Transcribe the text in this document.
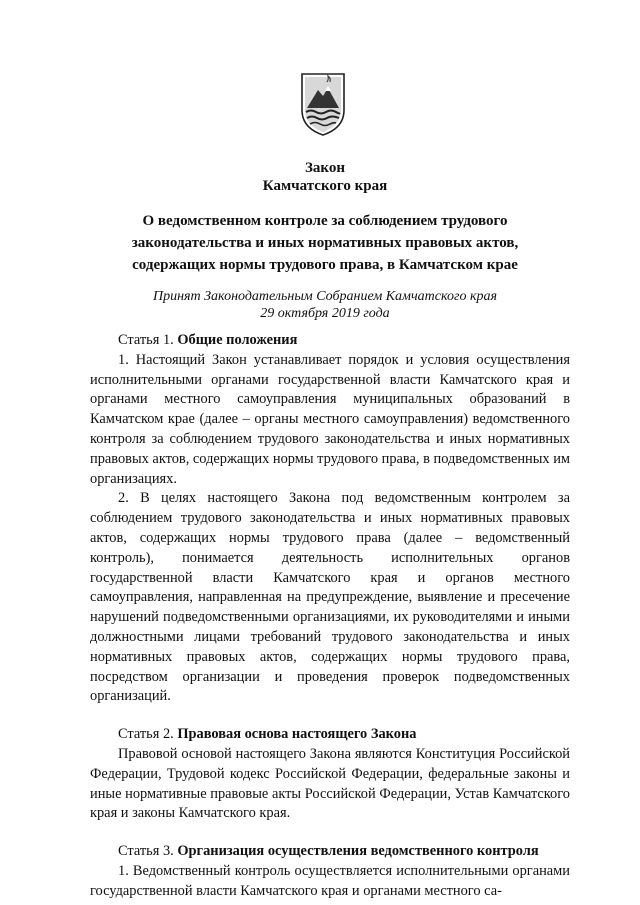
Закон
Камчатского края
О ведомственном контроле за соблюдением трудового законодательства и иных нормативных правовых актов, содержащих нормы трудового права, в Камчатском крае
Принят Законодательным Собранием Камчатского края
29 октября 2019 года

Статья 1. Общие положения

1. Настоящий Закон устанавливает порядок и условия осуществления исполнительными органами государственной власти Камчатского края и органами местного самоуправления муниципальных образований в Камчатском крае (далее – органы местного самоуправления) ведомственного контроля за соблюдением трудового законодательства и иных нормативных правовых актов, содержащих нормы трудового права, в подведомственных им организациях.

2. В целях настоящего Закона под ведомственным контролем за соблюдением трудового законодательства и иных нормативных правовых актов, содержащих нормы трудового права (далее – ведомственный контроль), понимается деятельность исполнительных органов государственной власти Камчатского края и органов местного самоуправления, направленная на предупреждение, выявление и пресечение нарушений подведомственными организациями, их руководителями и иными должностными лицами требований трудового законодательства и иных нормативных правовых актов, содержащих нормы трудового права, посредством организации и проведения проверок подведомственных организаций.

Статья 2. Правовая основа настоящего Закона

Правовой основой настоящего Закона являются Конституция Российской Федерации, Трудовой кодекс Российской Федерации, федеральные законы и иные нормативные правовые акты Российской Федерации, Устав Камчатского края и законы Камчатского края.

Статья 3. Организация осуществления ведомственного контроля

1. Ведомственный контроль осуществляется исполнительными органами государственной власти Камчатского края и органами местного са-
